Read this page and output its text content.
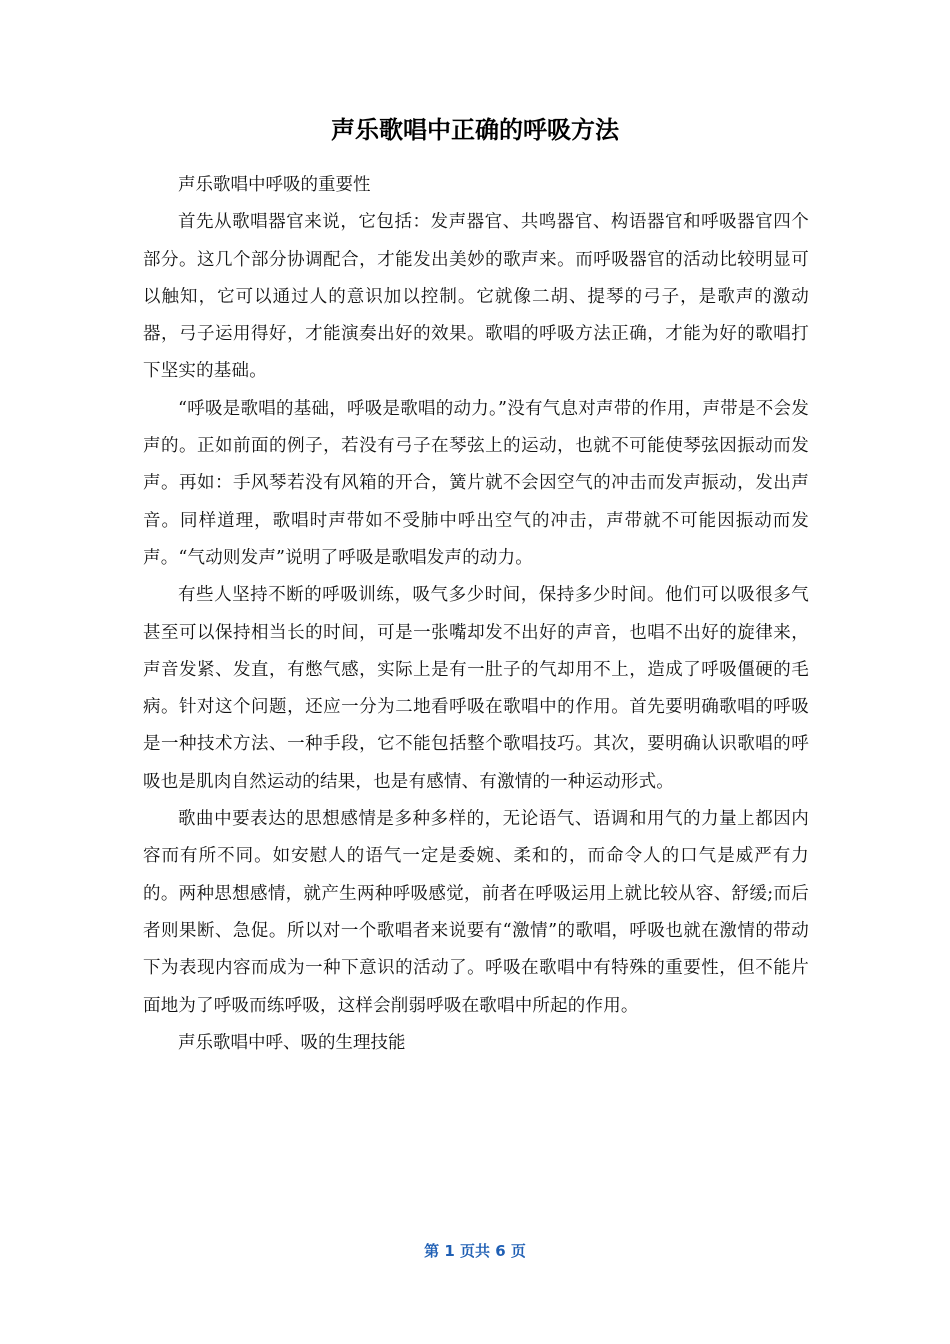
声乐歌唱中正确的呼吸方法

声乐歌唱中呼吸的重要性

首先从歌唱器官来说，它包括：发声器官、共鸣器官、构语器官和呼吸器官四个部分。这几个部分协调配合，才能发出美妙的歌声来。而呼吸器官的活动比较明显可以触知，它可以通过人的意识加以控制。它就像二胡、提琴的弓子，是歌声的激动器，弓子运用得好，才能演奏出好的效果。歌唱的呼吸方法正确，才能为好的歌唱打下坚实的基础。

“呼吸是歌唱的基础，呼吸是歌唱的动力。”没有气息对声带的作用，声带是不会发声的。正如前面的例子，若没有弓子在琴弦上的运动，也就不可能使琴弦因振动而发声。再如：手风琴若没有风箱的开合，簧片就不会因空气的冲击而发声振动，发出声音。同样道理，歌唱时声带如不受肺中呼出空气的冲击，声带就不可能因振动而发声。“气动则发声”说明了呼吸是歌唱发声的动力。

有些人坚持不断的呼吸训练，吸气多少时间，保持多少时间。他们可以吸很多气甚至可以保持相当长的时间，可是一张嘴却发不出好的声音，也唱不出好的旋律来，声音发紧、发直，有憋气感，实际上是有一肚子的气却用不上，造成了呼吸僵硬的毛病。针对这个问题，还应一分为二地看呼吸在歌唱中的作用。首先要明确歌唱的呼吸是一种技术方法、一种手段，它不能包括整个歌唱技巧。其次，要明确认识歌唱的呼吸也是肌肉自然运动的结果，也是有感情、有激情的一种运动形式。

歌曲中要表达的思想感情是多种多样的，无论语气、语调和用气的力量上都因内容而有所不同。如安慰人的语气一定是委婉、柔和的，而命令人的口气是威严有力的。两种思想感情，就产生两种呼吸感觉，前者在呼吸运用上就比较从容、舒缓;而后者则果断、急促。所以对一个歌唱者来说要有“激情”的歌唱，呼吸也就在激情的带动下为表现内容而成为一种下意识的活动了。呼吸在歌唱中有特殊的重要性，但不能片面地为了呼吸而练呼吸，这样会削弱呼吸在歌唱中所起的作用。

声乐歌唱中呼、吸的生理技能

第 1 页共 6 页
